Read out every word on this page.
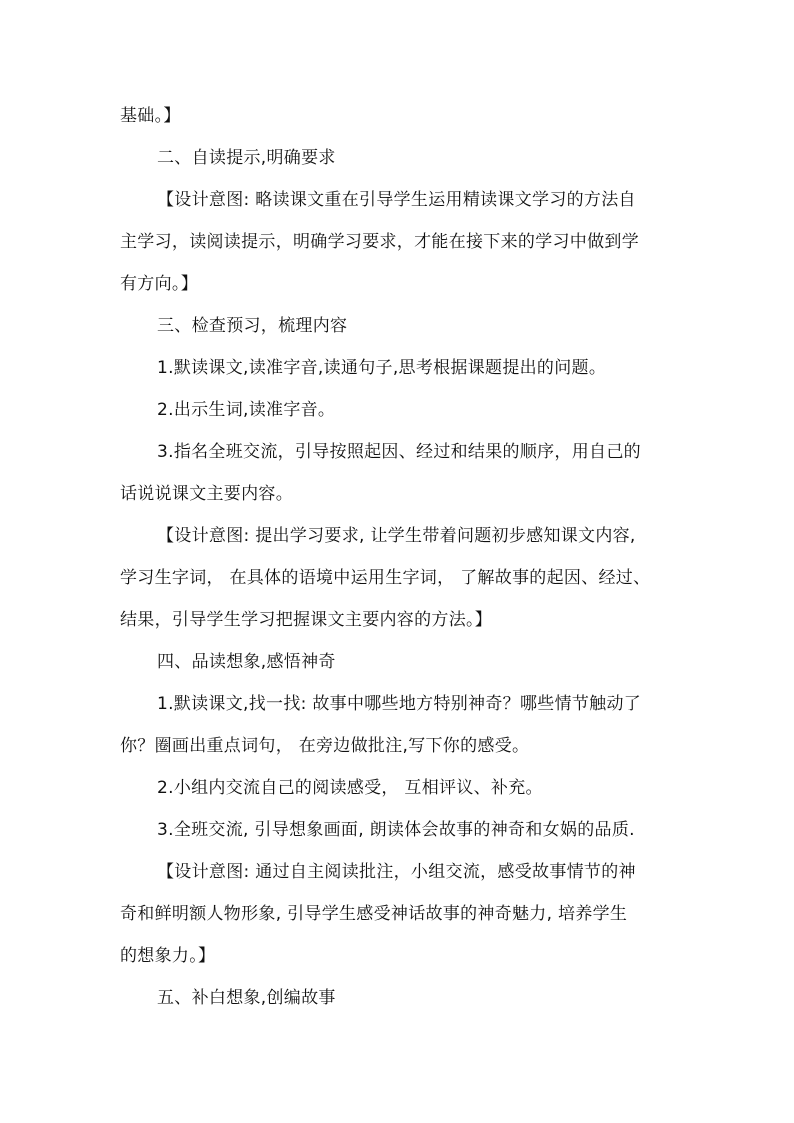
基础。】
二、自读提示,明确要求
【设计意图: 略读课文重在引导学生运用精读课文学习的方法自
主学习，读阅读提示，明确学习要求，才能在接下来的学习中做到学
有方向。】
三、检查预习，梳理内容
1.默读课文,读准字音,读通句子,思考根据课题提出的问题。
2.出示生词,读准字音。
3.指名全班交流，引导按照起因、经过和结果的顺序，用自己的
话说说课文主要内容。
【设计意图: 提出学习要求, 让学生带着问题初步感知课文内容,
学习生字词， 在具体的语境中运用生字词， 了解故事的起因、经过、
结果，引导学生学习把握课文主要内容的方法。】
四、品读想象,感悟神奇
1.默读课文,找一找: 故事中哪些地方特别神奇？哪些情节触动了
你？圈画出重点词句， 在旁边做批注,写下你的感受。
2.小组内交流自己的阅读感受， 互相评议、补充。
3.全班交流, 引导想象画面, 朗读体会故事的神奇和女娲的品质.
【设计意图: 通过自主阅读批注，小组交流，感受故事情节的神
奇和鲜明额人物形象, 引导学生感受神话故事的神奇魅力, 培养学生
的想象力。】
五、补白想象,创编故事
